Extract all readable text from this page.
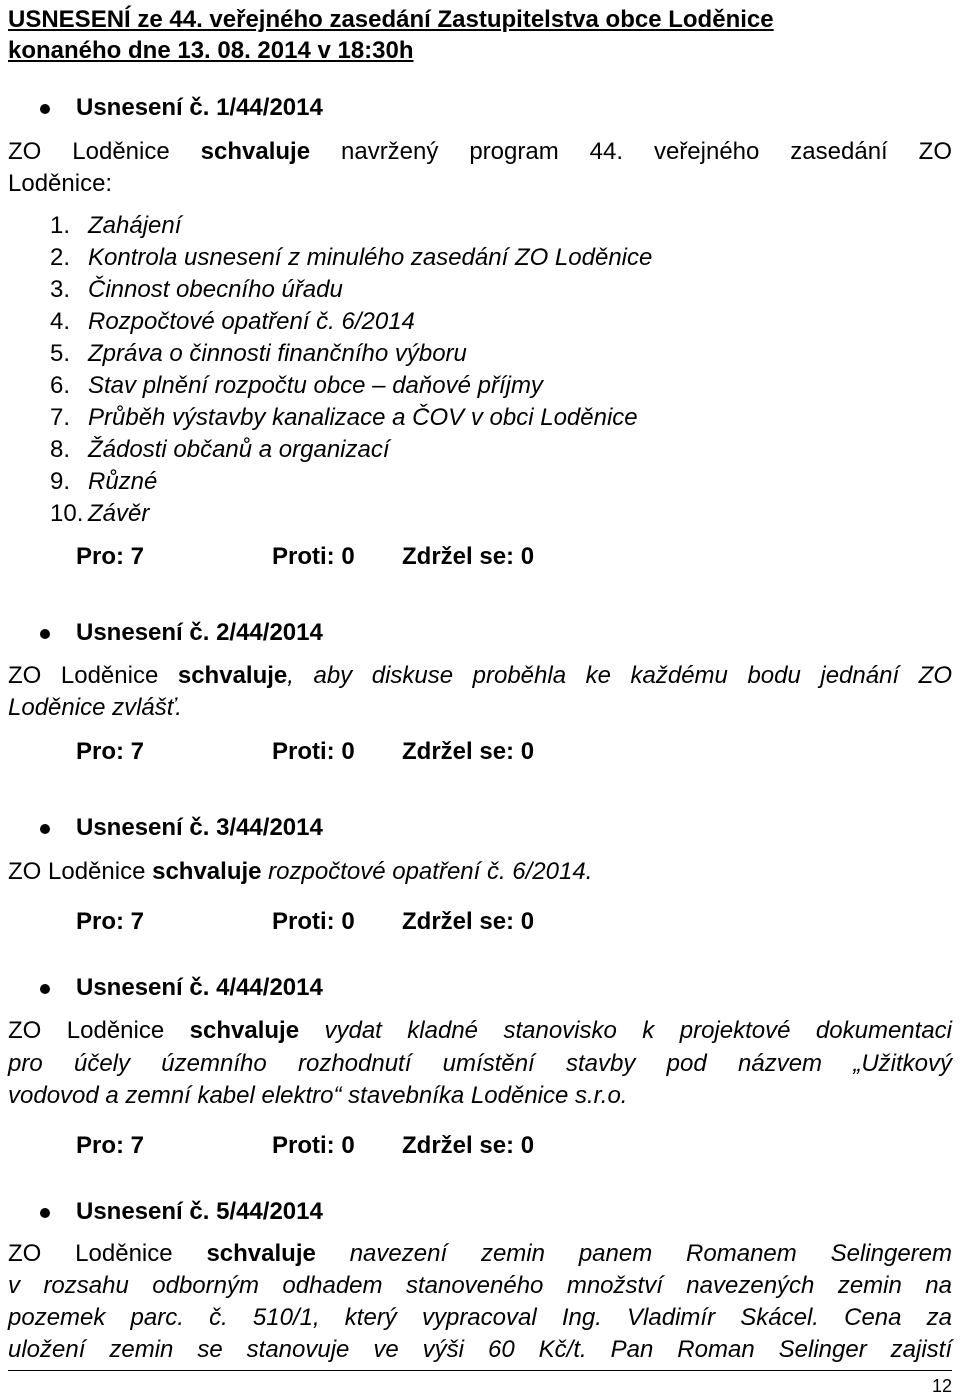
USNESENÍ ze 44. veřejného zasedání Zastupitelstva obce Loděnice
konaného dne 13. 08. 2014 v 18:30h
Usnesení č. 1/44/2014
ZO Loděnice schvaluje navržený program 44. veřejného zasedání ZO
Loděnice:
1. Zahájení
2. Kontrola usnesení z minulého zasedání ZO Loděnice
3. Činnost obecního úřadu
4. Rozpočtové opatření č. 6/2014
5. Zpráva o činnosti finančního výboru
6. Stav plnění rozpočtu obce – daňové příjmy
7. Průběh výstavby kanalizace a ČOV v obci Loděnice
8. Žádosti občanů a organizací
9. Různé
10. Závěr
Pro: 7	Proti: 0 Zdržel se: 0
Usnesení č. 2/44/2014
ZO Loděnice schvaluje, aby diskuse proběhla ke každému bodu jednání ZO
Loděnice zvlášť.
Pro: 7	Proti: 0 Zdržel se: 0
Usnesení č. 3/44/2014
ZO Loděnice schvaluje rozpočtové opatření č. 6/2014.
Pro: 7	Proti: 0 Zdržel se: 0
Usnesení č. 4/44/2014
ZO Loděnice schvaluje vydat kladné stanovisko k projektové dokumentaci
pro účely územního rozhodnutí umístění stavby pod názvem „Užitkový
vodovod a zemní kabel elektro“ stavebníka Loděnice s.r.o.
Pro: 7	Proti: 0 Zdržel se: 0
Usnesení č. 5/44/2014
ZO Loděnice schvaluje navezení zemin panem Romanem Selingerem
v rozsahu odborným odhadem stanoveného množství navezených zemin na
pozemek parc. č. 510/1, který vypracoval Ing. Vladimír Skácel. Cena za
uložení zemin se stanovuje ve výši 60 Kč/t. Pan Roman Selinger zajistí
12
